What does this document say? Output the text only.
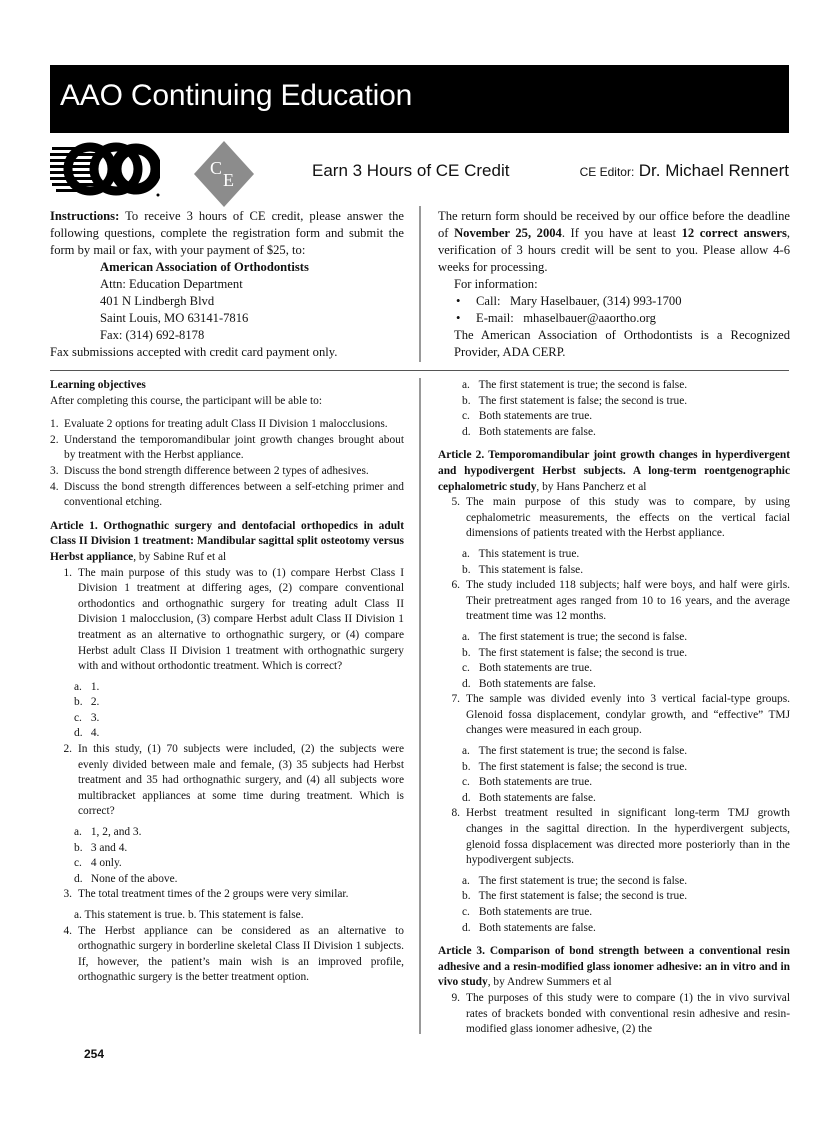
AAO Continuing Education
C
E	Earn 3 Hours of CE Credit	CE Editor: Dr. Michael Rennert

Instructions: To receive 3 hours of CE credit, please answer the following questions, complete the registration form and submit the form by mail or fax, with your payment of $25, to:

American Association of Orthodontists

Attn: Education Department

401 N Lindbergh Blvd

Saint Louis, MO 63141-7816

Fax: (314) 692-8178

Fax submissions accepted with credit card payment only.

The return form should be received by our office before the deadline of November 25, 2004. If you have at least 12 correct answers, verification of 3 hours credit will be sent to you. Please allow 4-6 weeks for processing.

For information:

• Call: Mary Haselbauer, (314) 993-1700

• E-mail: mhaselbauer@aaortho.org

The American Association of Orthodontists is a Recognized Provider, ADA CERP.

Learning objectives
After completing this course, the participant will be able to:
1. Evaluate 2 options for treating adult Class II Division 1 malocclusions.
2. Understand the temporomandibular joint growth changes brought about by treatment with the Herbst appliance.
3. Discuss the bond strength difference between 2 types of adhesives.
4. Discuss the bond strength differences between a self-etching primer and conventional etching.
Article 1. Orthognathic surgery and dentofacial orthopedics in adult Class II Division 1 treatment: Mandibular sagittal split osteotomy versus Herbst appliance, by Sabine Ruf et al
1. The main purpose of this study was to (1) compare Herbst Class I Division 1 treatment at differing ages, (2) compare conventional orthodontics and orthognathic surgery for treating adult Class II Division 1 malocclusion, (3) compare Herbst adult Class II Division 1 treatment as an alternative to orthognathic surgery, or (4) compare Herbst adult Class II Division 1 treatment with orthognathic surgery with and without orthodontic treatment. Which is correct?
a. 1.
b. 2.
c. 3.
d. 4.
2. In this study, (1) 70 subjects were included, (2) the subjects were evenly divided between male and female, (3) 35 subjects had Herbst treatment and 35 had orthognathic surgery, and (4) all subjects wore multibracket appliances at some time during treatment. Which is correct?
a. 1, 2, and 3.
b. 3 and 4.
c. 4 only.
d. None of the above.
3. The total treatment times of the 2 groups were very similar.
a. This statement is true. b. This statement is false.
4. The Herbst appliance can be considered as an alternative to orthognathic surgery in borderline skeletal Class II Division 1 subjects. If, however, the patient’s main wish is an improved profile, orthognathic surgery is the better treatment option.
a. The first statement is true; the second is false.
b. The first statement is false; the second is true.
c. Both statements are true.
d. Both statements are false.
Article 2. Temporomandibular joint growth changes in hyperdivergent and hypodivergent Herbst subjects. A long-term roentgenographic cephalometric study, by Hans Pancherz et al
5. The main purpose of this study was to compare, by using cephalometric measurements, the effects on the vertical facial dimensions of patients treated with the Herbst appliance.
a. This statement is true.
b. This statement is false.
6. The study included 118 subjects; half were boys, and half were girls. Their pretreatment ages ranged from 10 to 16 years, and the average treatment time was 12 months.
a. The first statement is true; the second is false.
b. The first statement is false; the second is true.
c. Both statements are true.
d. Both statements are false.
7. The sample was divided evenly into 3 vertical facial-type groups. Glenoid fossa displacement, condylar growth, and “effective” TMJ changes were measured in each group.
a. The first statement is true; the second is false.
b. The first statement is false; the second is true.
c. Both statements are true.
d. Both statements are false.
8. Herbst treatment resulted in significant long-term TMJ growth changes in the sagittal direction. In the hyperdivergent subjects, glenoid fossa displacement was directed more posteriorly than in the hypodivergent subjects.
a. The first statement is true; the second is false.
b. The first statement is false; the second is true.
c. Both statements are true.
d. Both statements are false.
Article 3. Comparison of bond strength between a conventional resin adhesive and a resin-modified glass ionomer adhesive: an in vitro and in vivo study, by Andrew Summers et al
9. The purposes of this study were to compare (1) the in vivo survival rates of brackets bonded with conventional resin adhesive and resin-modified glass ionomer adhesive, (2) the
254
